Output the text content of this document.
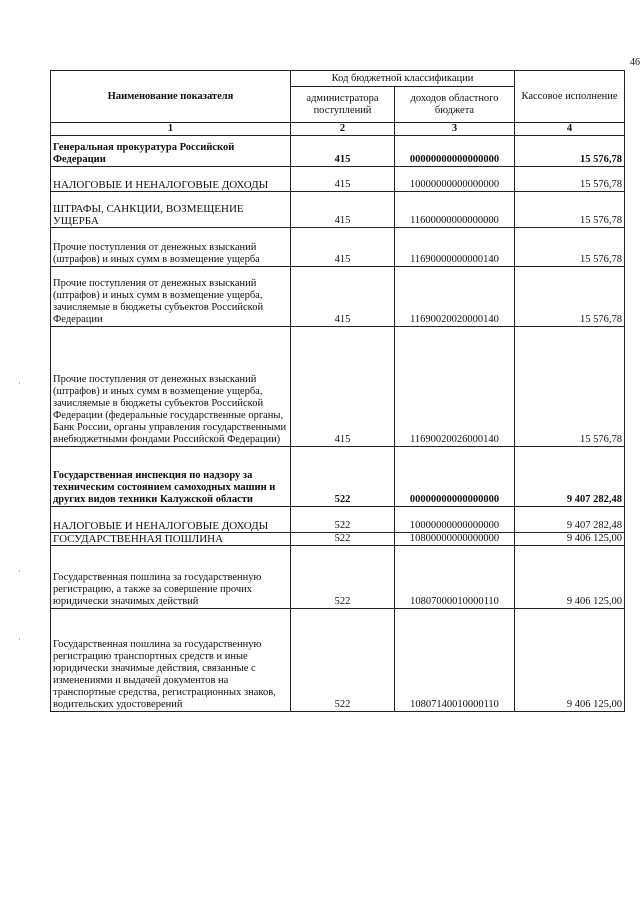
46
Наименование показателя	Код бюджетной классификации		Кассовое исполнение
	администратора поступлений	доходов областного бюджета	
1	2	3	4
Генеральная прокуратура Российской Федерации	415	00000000000000000	15 576,78
НАЛОГОВЫЕ И НЕНАЛОГОВЫЕ ДОХОДЫ	415	10000000000000000	15 576,78
ШТРАФЫ, САНКЦИИ, ВОЗМЕЩЕНИЕ УЩЕРБА	415	11600000000000000	15 576,78
Прочие поступления от денежных взысканий (штрафов) и иных сумм в возмещение ущерба	415	11690000000000140	15 576,78
Прочие поступления от денежных взысканий (штрафов) и иных сумм в возмещение ущерба, зачисляемые в бюджеты субъектов Российской Федерации	415	11690020020000140	15 576,78
Прочие поступления от денежных взысканий (штрафов) и иных сумм в возмещение ущерба, зачисляемые в бюджеты субъектов Российской Федерации (федеральные государственные органы, Банк России, органы управления государственными внебюджетными фондами Российской Федерации)	415	11690020026000140	15 576,78
Государственная инспекция по надзору за техническим состоянием самоходных машин и других видов техники Калужской области	522	00000000000000000	9 407 282,48
НАЛОГОВЫЕ И НЕНАЛОГОВЫЕ ДОХОДЫ	522	10000000000000000	9 407 282,48
ГОСУДАРСТВЕННАЯ ПОШЛИНА	522	10800000000000000	9 406 125,00
Государственная пошлина за государственную регистрацию, а также за совершение прочих юридически значимых действий	522	10807000010000110	9 406 125,00
Государственная пошлина за государственную регистрацию транспортных средств и иные юридически значимые действия, связанные с изменениями и выдачей документов на транспортные средства, регистрационных знаков, водительских удостоверений	522	10807140010000110	9 406 125,00
·
·
·
